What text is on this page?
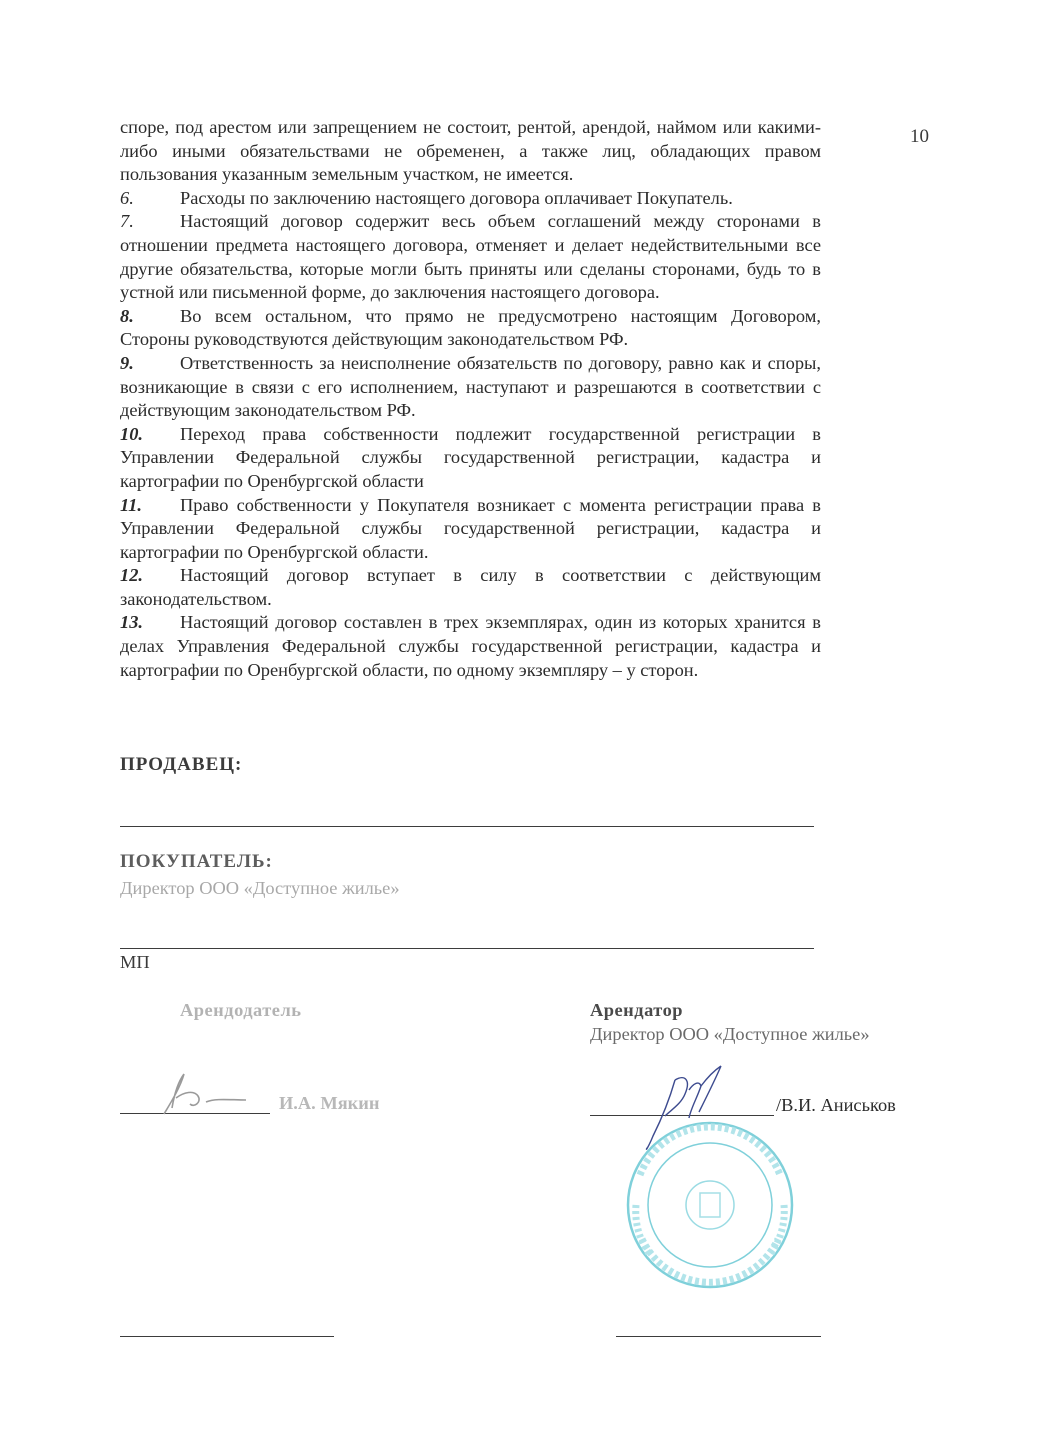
10

споре, под арестом или запрещением не состоит, рентой, арендой, наймом или какими-либо иными обязательствами не обременен, а также лиц, обладающих правом пользования указанным земельным участком, не имеется.

6.	Расходы по заключению настоящего договора оплачивает Покупатель.

7.	Настоящий договор содержит весь объем соглашений между сторонами в отношении предмета настоящего договора, отменяет и делает недействительными все другие обязательства, которые могли быть приняты или сделаны сторонами, будь то в устной или письменной форме, до заключения настоящего договора.

8.	Во всем остальном, что прямо не предусмотрено настоящим Договором, Стороны руководствуются действующим законодательством РФ.

9.	Ответственность за неисполнение обязательств по договору, равно как и споры, возникающие в связи с его исполнением, наступают и разрешаются в соответствии с действующим законодательством РФ.

10. Переход права собственности подлежит государственной регистрации в Управлении Федеральной службы государственной регистрации, кадастра и картографии по Оренбургской области

11. Право собственности у Покупателя возникает с момента регистрации права в Управлении Федеральной службы государственной регистрации, кадастра и картографии по Оренбургской области.

12. Настоящий договор вступает в силу в соответствии с действующим законодательством.

13. Настоящий договор составлен в трех экземплярах, один из которых хранится в делах Управления Федеральной службы государственной регистрации, кадастра и картографии по Оренбургской области, по одному экземпляру – у сторон.

ПРОДАВЕЦ:
ПОКУПАТЕЛЬ:
Директор ООО «Доступное жилье»
МП
Арендодатель
И.А. Мякин
Арендатор
Директор ООО «Доступное жилье»
/В.И. Аниськов
